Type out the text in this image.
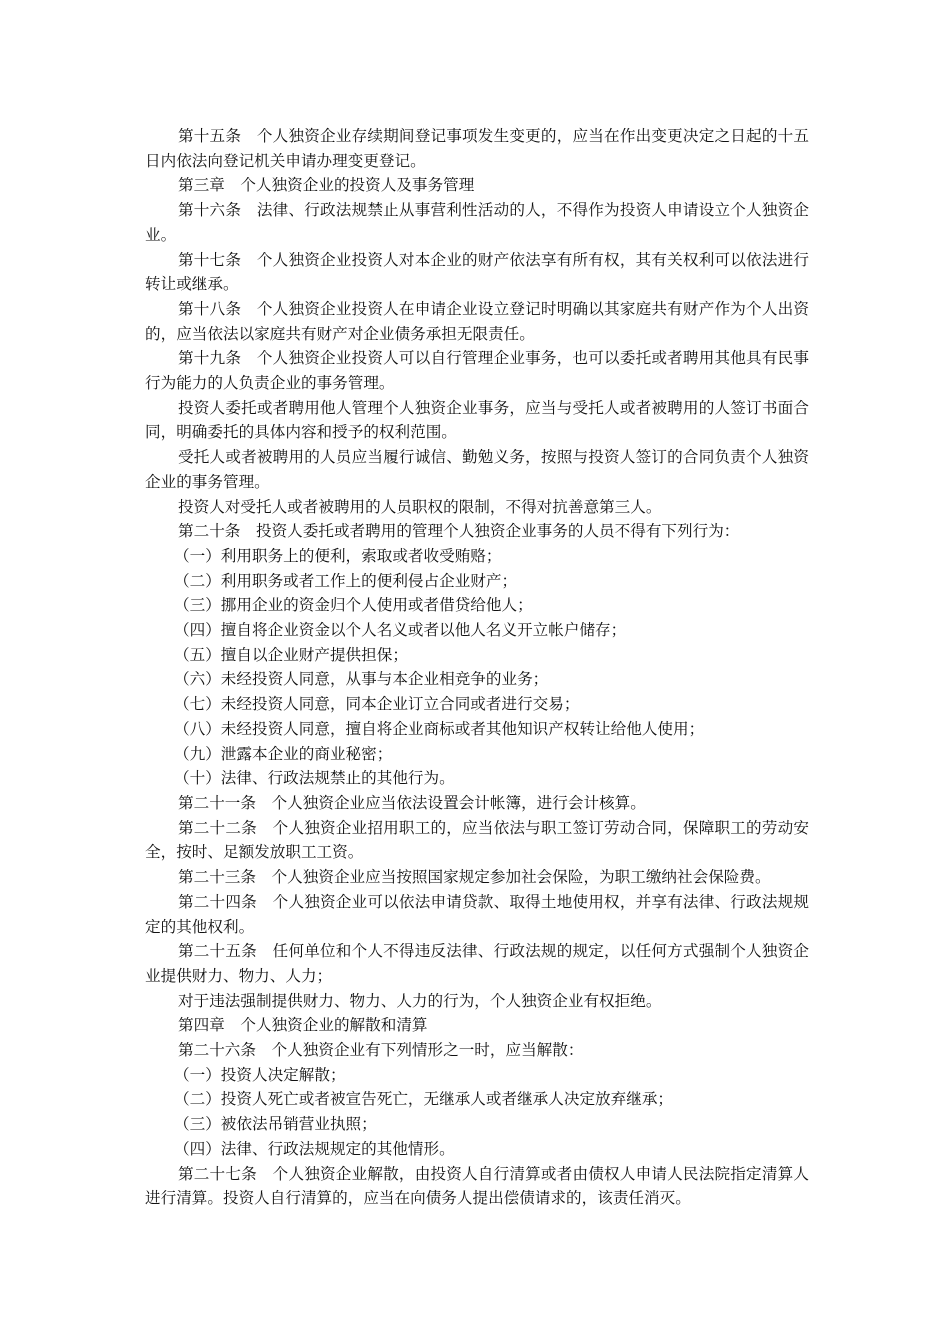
第十五条　个人独资企业存续期间登记事项发生变更的，应当在作出变更决定之日起的十五日内依法向登记机关申请办理变更登记。

第三章　个人独资企业的投资人及事务管理

第十六条　法律、行政法规禁止从事营利性活动的人，不得作为投资人申请设立个人独资企业。

第十七条　个人独资企业投资人对本企业的财产依法享有所有权，其有关权利可以依法进行转让或继承。

第十八条　个人独资企业投资人在申请企业设立登记时明确以其家庭共有财产作为个人出资的，应当依法以家庭共有财产对企业债务承担无限责任。

第十九条　个人独资企业投资人可以自行管理企业事务，也可以委托或者聘用其他具有民事行为能力的人负责企业的事务管理。

投资人委托或者聘用他人管理个人独资企业事务，应当与受托人或者被聘用的人签订书面合同，明确委托的具体内容和授予的权利范围。

受托人或者被聘用的人员应当履行诚信、勤勉义务，按照与投资人签订的合同负责个人独资企业的事务管理。

投资人对受托人或者被聘用的人员职权的限制，不得对抗善意第三人。

第二十条　投资人委托或者聘用的管理个人独资企业事务的人员不得有下列行为：

（一）利用职务上的便利，索取或者收受贿赂；

（二）利用职务或者工作上的便利侵占企业财产；

（三）挪用企业的资金归个人使用或者借贷给他人；

（四）擅自将企业资金以个人名义或者以他人名义开立帐户储存；

（五）擅自以企业财产提供担保；

（六）未经投资人同意，从事与本企业相竞争的业务；

（七）未经投资人同意，同本企业订立合同或者进行交易；

（八）未经投资人同意，擅自将企业商标或者其他知识产权转让给他人使用；

（九）泄露本企业的商业秘密；

（十）法律、行政法规禁止的其他行为。

第二十一条　个人独资企业应当依法设置会计帐簿，进行会计核算。

第二十二条　个人独资企业招用职工的，应当依法与职工签订劳动合同，保障职工的劳动安全，按时、足额发放职工工资。

第二十三条　个人独资企业应当按照国家规定参加社会保险，为职工缴纳社会保险费。

第二十四条　个人独资企业可以依法申请贷款、取得土地使用权，并享有法律、行政法规规定的其他权利。

第二十五条　任何单位和个人不得违反法律、行政法规的规定，以任何方式强制个人独资企业提供财力、物力、人力；

对于违法强制提供财力、物力、人力的行为，个人独资企业有权拒绝。

第四章　个人独资企业的解散和清算

第二十六条　个人独资企业有下列情形之一时，应当解散：

（一）投资人决定解散；

（二）投资人死亡或者被宣告死亡，无继承人或者继承人决定放弃继承；

（三）被依法吊销营业执照；

（四）法律、行政法规规定的其他情形。

第二十七条　个人独资企业解散，由投资人自行清算或者由债权人申请人民法院指定清算人进行清算。投资人自行清算的，应当在向债务人提出偿债请求的，该责任消灭。
